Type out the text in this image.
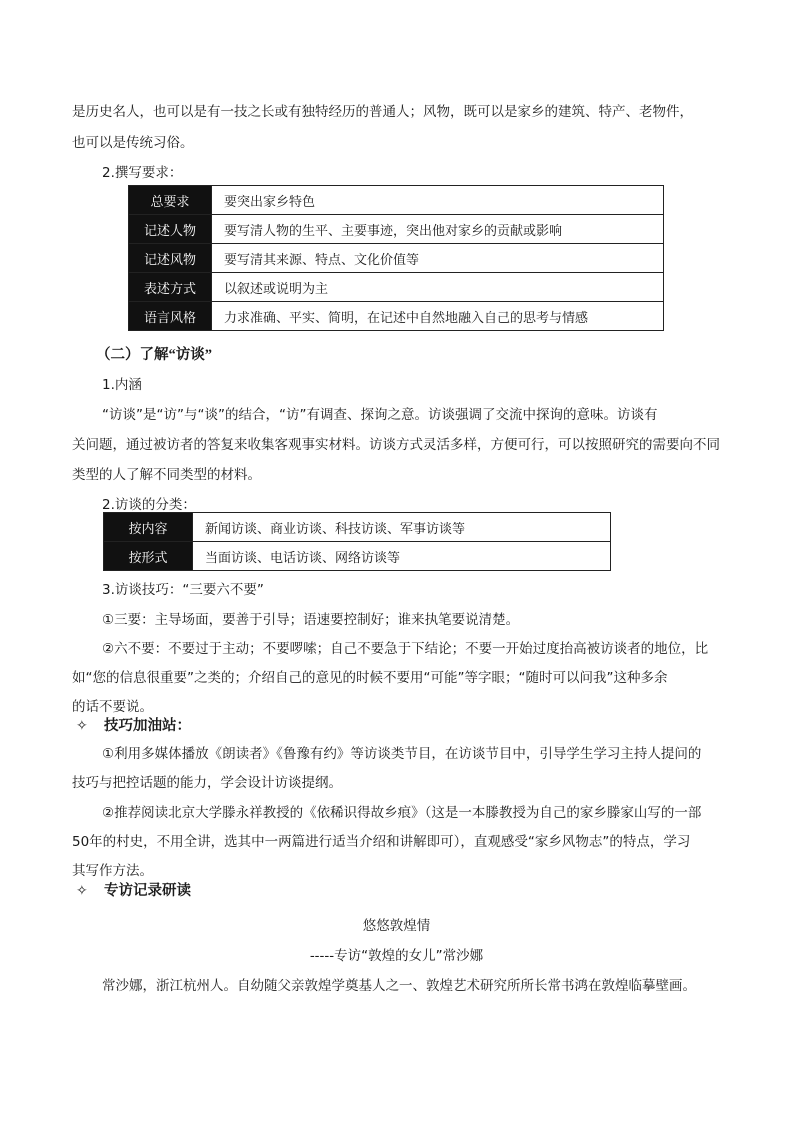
是历史名人，也可以是有一技之长或有独特经历的普通人；风物，既可以是家乡的建筑、特产、老物件，
也可以是传统习俗。
2.撰写要求：
总要求	要突出家乡特色
记述人物	要写清人物的生平、主要事迹，突出他对家乡的贡献或影响
记述风物	要写清其来源、特点、文化价值等
表述方式	以叙述或说明为主
语言风格	力求准确、平实、简明，在记述中自然地融入自己的思考与情感
（二）了解“访谈”
1.内涵
“访谈”是“访”与“谈”的结合，“访”有调查、探询之意。访谈强调了交流中探询的意味。访谈有
关问题，通过被访者的答复来收集客观事实材料。访谈方式灵活多样，方便可行，可以按照研究的需要向不同
类型的人了解不同类型的材料。
2.访谈的分类：
按内容	新闻访谈、商业访谈、科技访谈、军事访谈等
按形式	当面访谈、电话访谈、网络访谈等
3.访谈技巧：“三要六不要”
①三要：主导场面，要善于引导；语速要控制好；谁来执笔要说清楚。
②六不要：不要过于主动；不要啰嗦；自己不要急于下结论；不要一开始过度抬高被访谈者的地位，比
如“您的信息很重要”之类的；介绍自己的意见的时候不要用“可能”等字眼；“随时可以问我”这种多余
的话不要说。
✧ 技巧加油站：
①利用多媒体播放《朗读者》《鲁豫有约》等访谈类节目，在访谈节目中，引导学生学习主持人提问的
技巧与把控话题的能力，学会设计访谈提纲。
②推荐阅读北京大学滕永祥教授的《依稀识得故乡痕》（这是一本滕教授为自己的家乡滕家山写的一部
50年的村史，不用全讲，选其中一两篇进行适当介绍和讲解即可），直观感受“家乡风物志”的特点，学习
其写作方法。
✧ 专访记录研读
悠悠敦煌情
-----专访“敦煌的女儿”常沙娜
常沙娜，浙江杭州人。自幼随父亲敦煌学奠基人之一、敦煌艺术研究所所长常书鸿在敦煌临摹壁画。
